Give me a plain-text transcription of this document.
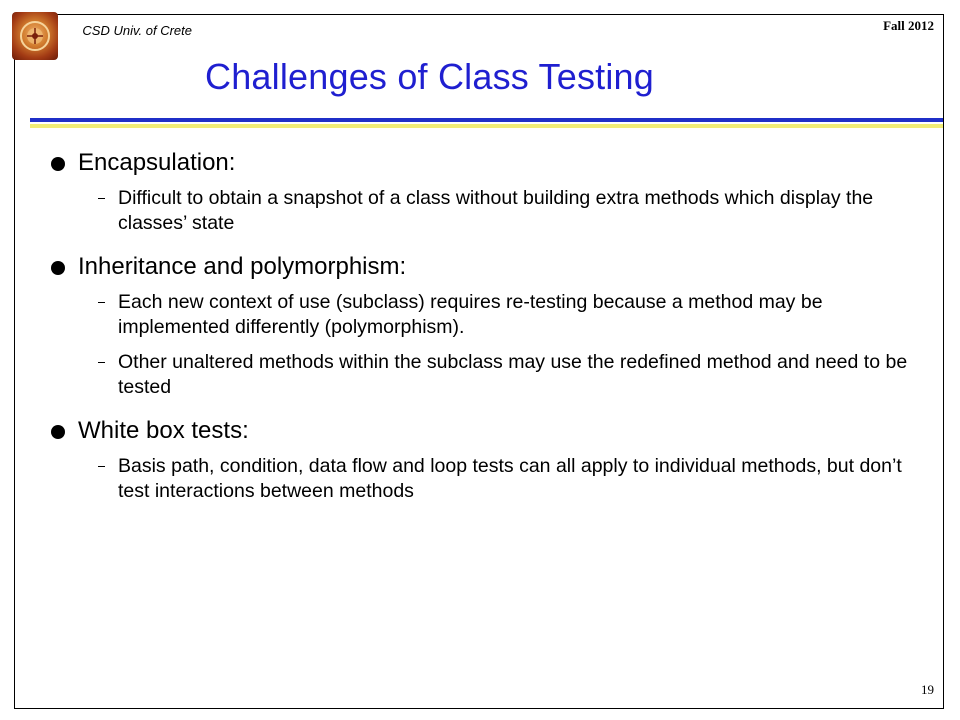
CSD Univ. of Crete	Fall 2012
Challenges of Class Testing
Encapsulation:
Difficult to obtain a snapshot of a class without building extra methods which display the classes’ state
Inheritance and polymorphism:
Each new context of use (subclass) requires re-testing because a method may be implemented differently (polymorphism).
Other unaltered methods within the subclass may use the redefined method and need to be tested
White box tests:
Basis path, condition, data flow and loop tests can all apply to individual methods, but don’t test interactions between methods
19
